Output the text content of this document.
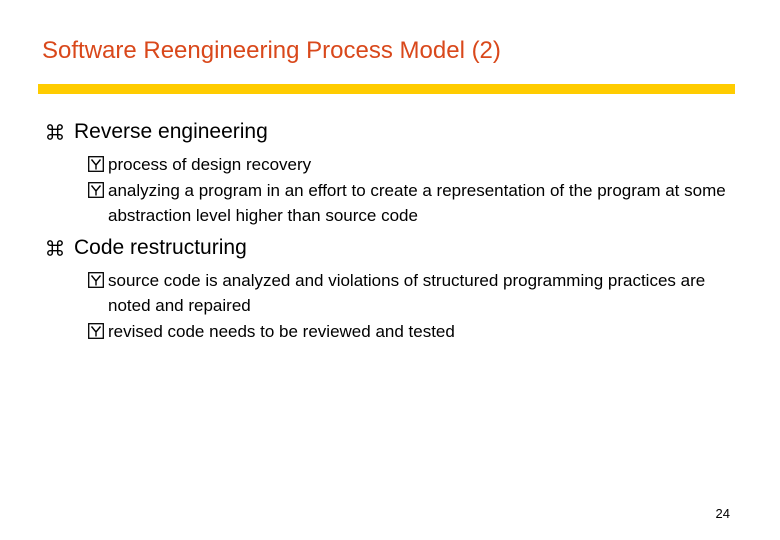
Software Reengineering Process Model (2)
Reverse engineering
process of design recovery
analyzing a program in an effort to create a representation of the program at some abstraction level higher than source code
Code restructuring
source code is analyzed and violations of structured programming practices are noted and repaired
revised code needs to be reviewed and tested
24
